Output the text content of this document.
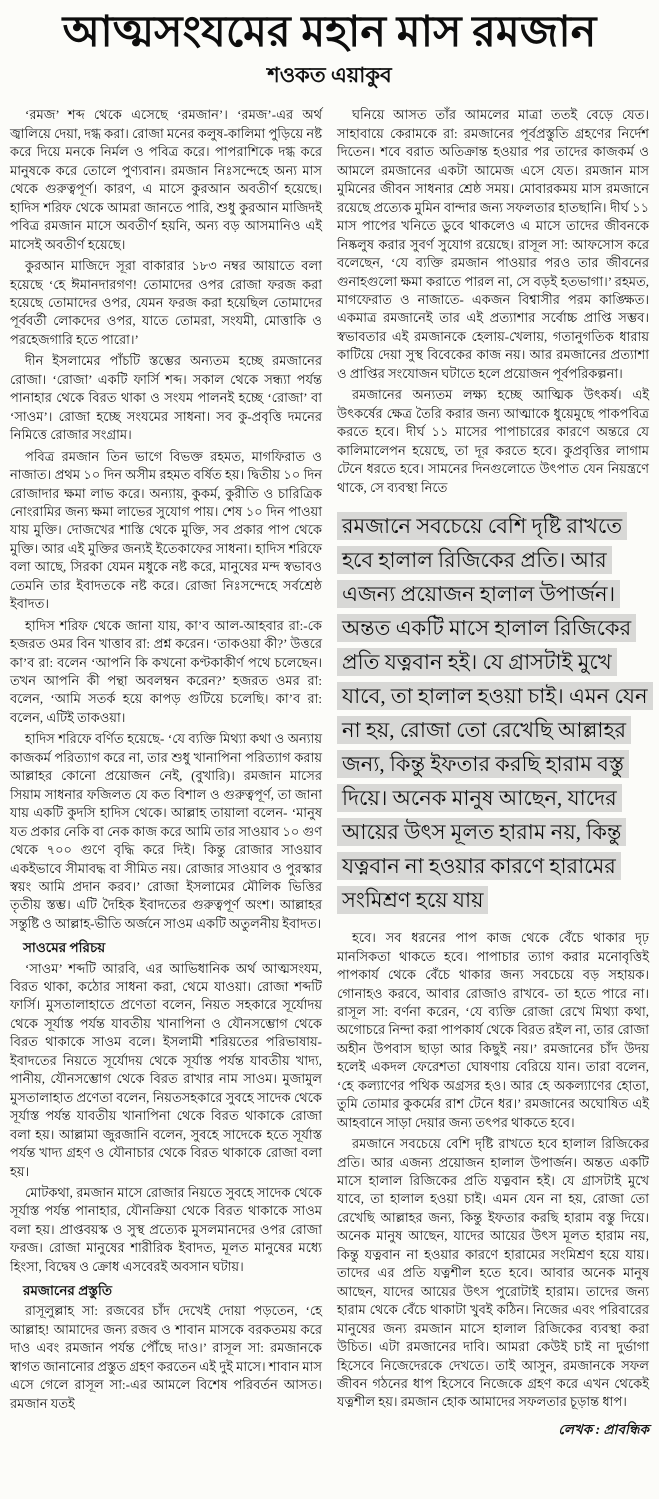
আত্মসংযমের মহান মাস রমজান
শওকত এয়াকুব
‘রমজ’ শব্দ থেকে এসেছে ‘রমজান’। ‘রমজ’-এর অর্থ জ্বালিয়ে দেয়া, দগ্ধ করা। রোজা মনের কলুষ-কালিমা পুড়িয়ে নষ্ট করে দিয়ে মনকে নির্মল ও পবিত্র করে। পাপরাশিকে দগ্ধ করে মানুষকে করে তোলে পুণ্যবান। রমজান নিঃসন্দেহে অন্য মাস থেকে গুরুত্বপূর্ণ। কারণ, এ মাসে কুরআন অবতীর্ণ হয়েছে। হাদিস শরিফ থেকে আমরা জানতে পারি, শুধু কুরআন মাজিদই পবিত্র রমজান মাসে অবতীর্ণ হয়নি, অন্য বড় আসমানিও এই মাসেই অবতীর্ণ হয়েছে।
কুরআন মাজিদে সূরা বাকারার ১৮৩ নম্বর আয়াতে বলা হয়েছে ‘হে ঈমানদারগণ! তোমাদের ওপর রোজা ফরজ করা হয়েছে তোমাদের ওপর, যেমন ফরজ করা হয়েছিল তোমাদের পূর্ববর্তী লোকদের ওপর, যাতে তোমরা, সংযমী, মোত্তাকি ও পরহেজগারি হতে পারো।’
দীন ইসলামের পাঁচটি স্তম্ভের অন্যতম হচ্ছে রমজানের রোজা। ‘রোজা’ একটি ফার্সি শব্দ। সকাল থেকে সন্ধ্যা পর্যন্ত পানাহার থেকে বিরত থাকা ও সংযম পালনই হচ্ছে ‘রোজা’ বা ‘সাওম’। রোজা হচ্ছে সংযমের সাধনা। সব কু-প্রবৃত্তি দমনের নিমিত্তে রোজার সংগ্রাম।
পবিত্র রমজান তিন ভাগে বিভক্ত রহমত, মাগফিরাত ও নাজাত। প্রথম ১০ দিন অসীম রহমত বর্ষিত হয়। দ্বিতীয় ১০ দিন রোজাদার ক্ষমা লাভ করে। অন্যায়, কুকর্ম, কুরীতি ও চারিত্রিক নোংরামির জন্য ক্ষমা লাভের সুযোগ পায়। শেষ ১০ দিন পাওয়া যায় মুক্তি। দোজখের শাস্তি থেকে মুক্তি, সব প্রকার পাপ থেকে মুক্তি। আর এই মুক্তির জন্যই ইতেকাফের সাধনা। হাদিস শরিফে বলা আছে, সিরকা যেমন মধুকে নষ্ট করে, মানুষের মন্দ স্বভাবও তেমনি তার ইবাদতকে নষ্ট করে। রোজা নিঃসন্দেহে সর্বশ্রেষ্ঠ ইবাদত।
হাদিস শরিফ থেকে জানা যায়, কা’ব আল-আহবার রা:-কে হজরত ওমর বিন খাত্তাব রা: প্রশ্ন করেন। ‘তাকওয়া কী?’ উত্তরে কা’ব রা: বলেন ‘আপনি কি কখনো কণ্টকাকীর্ণ পথে চলেছেন। তখন আপনি কী পন্থা অবলম্বন করেন?’ হজরত ওমর রা: বলেন, ‘আমি সতর্ক হয়ে কাপড় গুটিয়ে চলেছি। কা’ব রা: বলেন, এটিই তাকওয়া।
হাদিস শরিফে বর্ণিত হয়েছে- ‘যে ব্যক্তি মিথ্যা কথা ও অন্যায় কাজকর্ম পরিত্যাগ করে না, তার শুধু খানাপিনা পরিত্যাগ করায় আল্লাহর কোনো প্রয়োজন নেই, (বুখারি)। রমজান মাসের সিয়াম সাধনার ফজিলত যে কত বিশাল ও গুরুত্বপূর্ণ, তা জানা যায় একটি কুদসি হাদিস থেকে। আল্লাহ তায়ালা বলেন- ‘মানুষ যত প্রকার নেকি বা নেক কাজ করে আমি তার সাওয়াব ১০ গুণ থেকে ৭০০ গুণে বৃদ্ধি করে দিই। কিন্তু রোজার সাওয়াব একইভাবে সীমাবদ্ধ বা সীমিত নয়। রোজার সাওয়াব ও পুরস্কার স্বয়ং আমি প্রদান করব।’ রোজা ইসলামের মৌলিক ভিত্তির তৃতীয় স্তম্ভ। এটি দৈহিক ইবাদতের গুরুত্বপূর্ণ অংশ। আল্লাহর সন্তুষ্টি ও আল্লাহ-ভীতি অর্জনে সাওম একটি অতুলনীয় ইবাদত।
সাওমের পরিচয়
‘সাওম’ শব্দটি আরবি, এর আভিধানিক অর্থ আত্মসংযম, বিরত থাকা, কঠোর সাধনা করা, থেমে যাওয়া। রোজা শব্দটি ফার্সি। মুসতালাহাতে প্রণেতা বলেন, নিয়ত সহকারে সূর্যোদয় থেকে সূর্যাস্ত পর্যন্ত যাবতীয় খানাপিনা ও যৌনসম্ভোগ থেকে বিরত থাকাকে সাওম বলে। ইসলামী শরিয়তের পরিভাষায়- ইবাদতের নিয়তে সূর্যোদয় থেকে সূর্যাস্ত পর্যন্ত যাবতীয় খাদ্য, পানীয়, যৌনসম্ভোগ থেকে বিরত রাখার নাম সাওম। মুজামুল মুসতালাহাত প্রণেতা বলেন, নিয়তসহকারে সুবহে সাদেক থেকে সূর্যাস্ত পর্যন্ত যাবতীয় খানাপিনা থেকে বিরত থাকাকে রোজা বলা হয়। আল্লামা জুরজানি বলেন, সুবহে সাদেকে হতে সূর্যাস্ত পর্যন্ত খাদ্য গ্রহণ ও যৌনাচার থেকে বিরত থাকাকে রোজা বলা হয়।
মোটকথা, রমজান মাসে রোজার নিয়তে সুবহে সাদেক থেকে সূর্যাস্ত পর্যন্ত পানাহার, যৌনক্রিয়া থেকে বিরত থাকাকে সাওম বলা হয়। প্রাপ্তবয়স্ক ও সুস্থ প্রত্যেক মুসলমানদের ওপর রোজা ফরজ। রোজা মানুষের শারীরিক ইবাদত, মূলত মানুষের মধ্যে হিংসা, বিদ্বেষ ও ক্রোধ এসবেরই অবসান ঘটায়।
রমজানের প্রস্তুতি
রাসূলুল্লাহ সা: রজবের চাঁদ দেখেই দোয়া পড়তেন, ‘হে আল্লাহ! আমাদের জন্য রজব ও শাবান মাসকে বরকতময় করে দাও এবং রমজান পর্যন্ত পৌঁছে দাও।’ রাসূল সা: রমজানকে স্বাগত জানানোর প্রস্তুত গ্রহণ করতেন এই দুই মাসে। শাবান মাস এসে গেলে রাসূল সা:-এর আমলে বিশেষ পরিবর্তন আসত। রমজান যতই
ঘনিয়ে আসত তাঁর আমলের মাত্রা ততই বেড়ে যেত। সাহাবায়ে কেরামকে রা: রমজানের পূর্বপ্রস্তুতি গ্রহণের নির্দেশ দিতেন। শবে বরাত অতিক্রান্ত হওয়ার পর তাদের কাজকর্ম ও আমলে রমজানের একটা আমেজ এসে যেত। রমজান মাস মুমিনের জীবন সাধনার শ্রেষ্ঠ সময়। মোবারকময় মাস রমজানে রয়েছে প্রত্যেক মুমিন বান্দার জন্য সফলতার হাতছানি। দীর্ঘ ১১ মাস পাপের খনিতে ডুবে থাকলেও এ মাসে তাদের জীবনকে নিষ্কলুষ করার সুবর্ণ সুযোগ রয়েছে। রাসূল সা: আফসোস করে বলেছেন, ‘যে ব্যক্তি রমজান পাওয়ার পরও তার জীবনের গুনাহগুলো ক্ষমা করাতে পারল না, সে বড়ই হতভাগা।’ রহমত, মাগফেরাত ও নাজাতে- একজন বিশ্বাসীর পরম কাঙ্ক্ষিত। একমাত্র রমজানেই তার এই প্রত্যাশার সর্বোচ্চ প্রাপ্তি সম্ভব। স্বভাবতার এই রমজানকে হেলায়-খেলায়, গতানুগতিক ধারায় কাটিয়ে দেয়া সুস্থ বিবেকের কাজ নয়। আর রমজানের প্রত্যাশা ও প্রাপ্তির সংযোজন ঘটাতে হলে প্রয়োজন পূর্বপরিকল্পনা।
রমজানের অন্যতম লক্ষ্য হচ্ছে আত্মিক উৎকর্ষ। এই উৎকর্ষের ক্ষেত্র তৈরি করার জন্য আত্মাকে ধুয়েমুছে পাকপবিত্র করতে হবে। দীর্ঘ ১১ মাসের পাপাচারের কারণে অন্তরে যে কালিমালেপন হয়েছে, তা দূর করতে হবে। কুপ্রবৃত্তির লাগাম টেনে ধরতে হবে। সামনের দিনগুলোতে উৎপাত যেন নিয়ন্ত্রণে থাকে, সে ব্যবস্থা নিতে
রমজানে সবচেয়ে বেশি দৃষ্টি রাখতে হবে হালাল রিজিকের প্রতি। আর এজন্য প্রয়োজন হালাল উপার্জন। অন্তত একটি মাসে হালাল রিজিকের প্রতি যত্নবান হই। যে গ্রাসটাই মুখে যাবে, তা হালাল হওয়া চাই। এমন যেন না হয়, রোজা তো রেখেছি আল্লাহর জন্য, কিন্তু ইফতার করছি হারাম বস্তু দিয়ে। অনেক মানুষ আছেন, যাদের আয়ের উৎস মূলত হারাম নয়, কিন্তু যত্নবান না হওয়ার কারণে হারামের সংমিশ্রণ হয়ে যায়
হবে। সব ধরনের পাপ কাজ থেকে বেঁচে থাকার দৃঢ় মানসিকতা থাকতে হবে। পাপাচার ত্যাগ করার মনোবৃত্তিই পাপকার্য থেকে বেঁচে থাকার জন্য সবচেয়ে বড় সহায়ক। গোনাহও করবে, আবার রোজাও রাখবে- তা হতে পারে না। রাসূল সা: বর্ণনা করেন, ‘যে ব্যক্তি রোজা রেখে মিথ্যা কথা, অগোচরে নিন্দা করা পাপকার্য থেকে বিরত রইল না, তার রোজা অহীন উপবাস ছাড়া আর কিছুই নয়।’ রমজানের চাঁদ উদয় হলেই একদল ফেরেশতা ঘোষণায় বেরিয়ে যান। তারা বলেন, ‘হে কল্যাণের পথিক অগ্রসর হও। আর হে অকল্যাণের হোতা, তুমি তোমার কুকর্মের রাশ টেনে ধর।’ রমজানের অঘোষিত এই আহবানে সাড়া দেয়ার জন্য তৎপর থাকতে হবে।
রমজানে সবচেয়ে বেশি দৃষ্টি রাখতে হবে হালাল রিজিকের প্রতি। আর এজন্য প্রয়োজন হালাল উপার্জন। অন্তত একটি মাসে হালাল রিজিকের প্রতি যত্নবান হই। যে গ্রাসটাই মুখে যাবে, তা হালাল হওয়া চাই। এমন যেন না হয়, রোজা তো রেখেছি আল্লাহর জন্য, কিন্তু ইফতার করছি হারাম বস্তু দিয়ে। অনেক মানুষ আছেন, যাদের আয়ের উৎস মূলত হারাম নয়, কিন্তু যত্নবান না হওয়ার কারণে হারামের সংমিশ্রণ হয়ে যায়। তাদের এর প্রতি যত্নশীল হতে হবে। আবার অনেক মানুষ আছেন, যাদের আয়ের উৎস পুরোটাই হারাম। তাদের জন্য হারাম থেকে বেঁচে থাকাটা খুবই কঠিন। নিজের এবং পরিবারের মানুষের জন্য রমজান মাসে হালাল রিজিকের ব্যবস্থা করা উচিত। এটা রমজানের দাবি। আমরা কেউই চাই না দুর্ভাগা হিসেবে নিজেদেরকে দেখতে। তাই আসুন, রমজানকে সফল জীবন গঠনের ধাপ হিসেবে নিজেকে গ্রহণ করে এখন থেকেই যত্নশীল হয়। রমজান হোক আমাদের সফলতার চূড়ান্ত ধাপ।
লেখক : প্রাবন্ধিক
